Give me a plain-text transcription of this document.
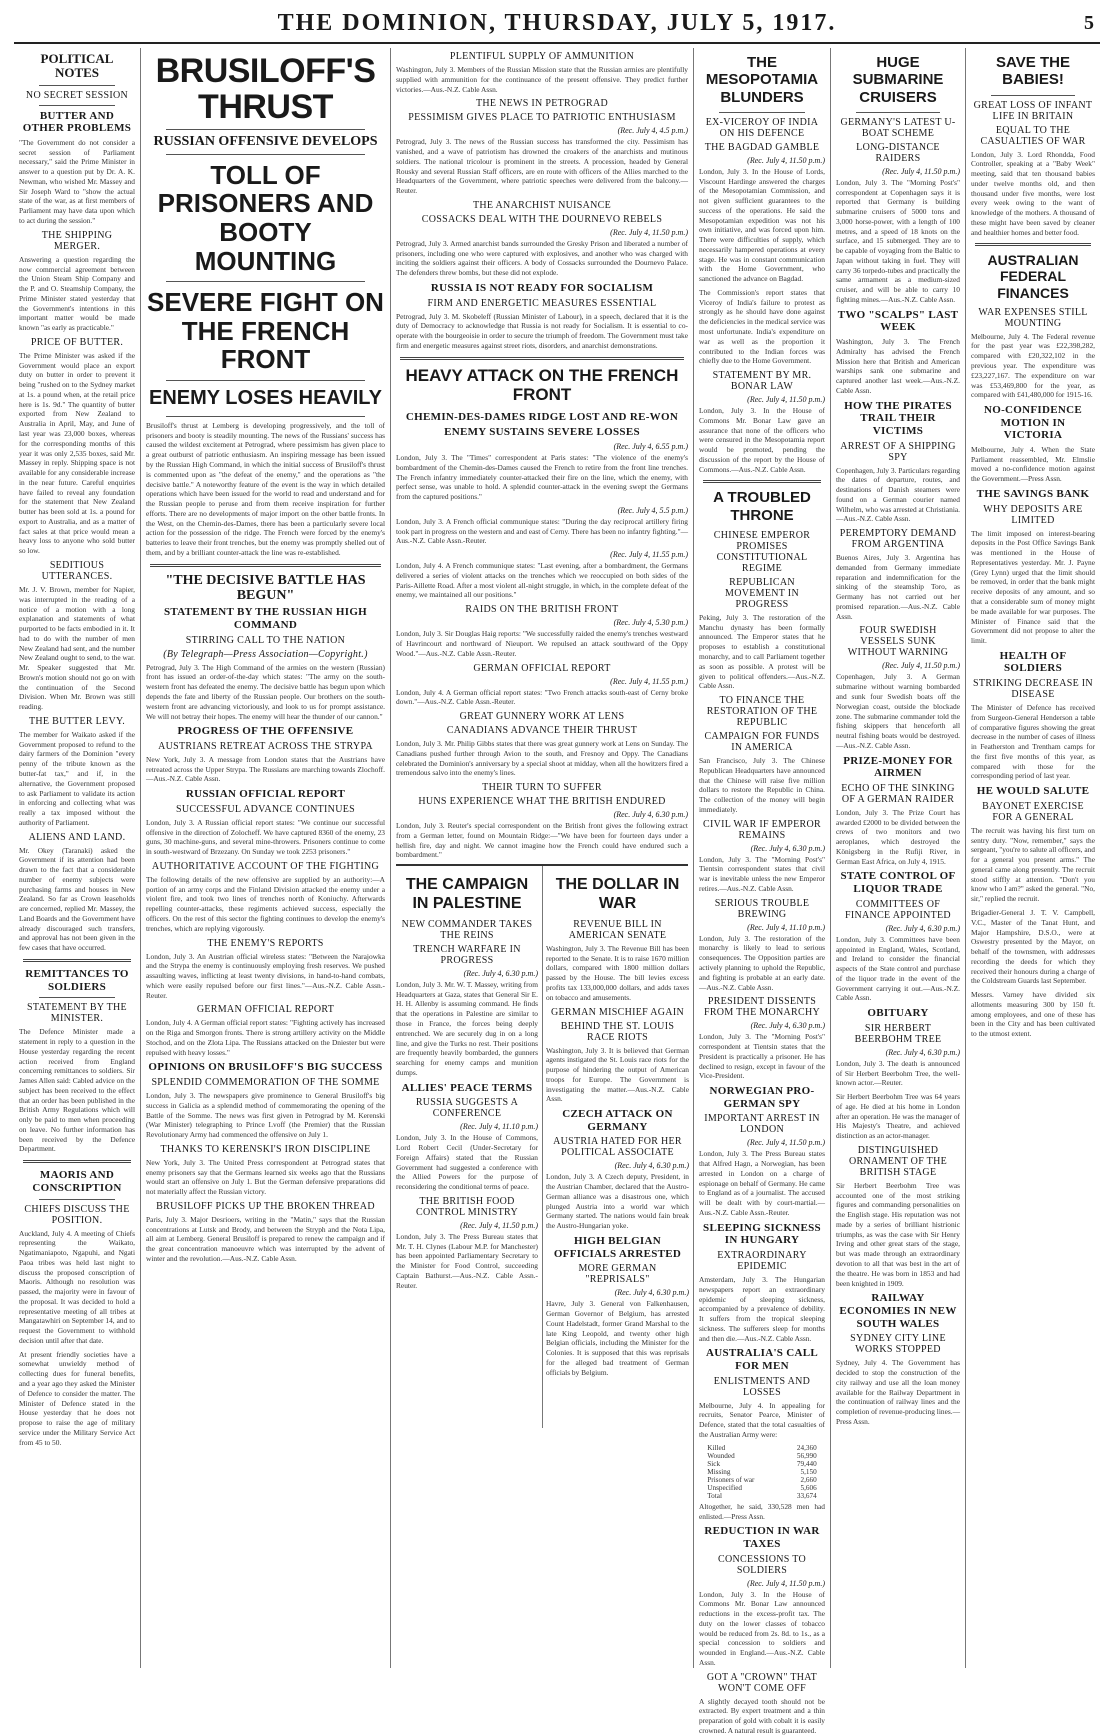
THE DOMINION, THURSDAY, JULY 5, 1917.	5
POLITICAL NOTES
NO SECRET SESSION
BUTTER AND OTHER PROBLEMS

"The Government do not consider a secret session of Parliament necessary," said the Prime Minister in answer to a question put by Dr. A. K. Newman, who wished Mr. Massey and Sir Joseph Ward to "show the actual state of the war, as at first members of Parliament may have data upon which to act during the session."

THE SHIPPING MERGER.

Answering a question regarding the now commercial agreement between the Union Steam Ship Company and the P. and O. Steamship Company, the Prime Minister stated yesterday that the Government's intentions in this important matter would be made known "as early as practicable."

PRICE OF BUTTER.

The Prime Minister was asked if the Government would place an export duty on butter in order to prevent it being "rushed on to the Sydney market at 1s. a pound when, at the retail price here is 1s. 9d." The quantity of butter exported from New Zealand to Australia in April, May, and June of last year was 23,000 boxes, whereas for the corresponding months of this year it was only 2,535 boxes, said Mr. Massey in reply. Shipping space is not available for any considerable increase in the near future. Careful enquiries have failed to reveal any foundation for the statement that New Zealand butter has been sold at 1s. a pound for export to Australia, and as a matter of fact sales at that price would mean a heavy loss to anyone who sold butter so low.

SEDITIOUS UTTERANCES.

Mr. J. V. Brown, member for Napier, was interrupted in the reading of a notice of a motion with a long explanation and statements of what purported to be facts embodied in it. It had to do with the number of men New Zealand had sent, and the number New Zealand ought to send, to the war. Mr. Speaker suggested that Mr. Brown's motion should not go on with the continuation of the Second Division. When Mr. Brown was still reading.

THE BUTTER LEVY.

The member for Waikato asked if the Government proposed to refund to the dairy farmers of the Dominion "every penny of the tribute known as the butter-fat tax," and if, in the alternative, the Government proposed to ask Parliament to validate its action in enforcing and collecting what was really a tax imposed without the authority of Parliament.

ALIENS AND LAND.

Mr. Okey (Taranaki) asked the Government if its attention had been drawn to the fact that a considerable number of enemy subjects were purchasing farms and houses in New Zealand. So far as Crown leaseholds are concerned, replied Mr. Massey, the Land Boards and the Government have already discouraged such transfers, and approval has not been given in the few cases that have occurred.

REMITTANCES TO SOLDIERS
STATEMENT BY THE MINISTER.

The Defence Minister made a statement in reply to a question in the House yesterday regarding the recent action received from England concerning remittances to soldiers. Sir James Allen said: Cabled advice on the subject has been received to the effect that an order has been published in the British Army Regulations which will only be paid to men when proceeding on leave. No further information has been received by the Defence Department.

MAORIS AND CONSCRIPTION
CHIEFS DISCUSS THE POSITION.

Auckland, July 4. A meeting of Chiefs representing the Waikato, Ngatimaniapoto, Ngapuhi, and Ngati Paoa tribes was held last night to discuss the proposed conscription of Maoris. Although no resolution was passed, the majority were in favour of the proposal. It was decided to hold a representative meeting of all tribes at Mangatawhiri on September 14, and to request the Government to withhold decision until after that date.

At present friendly societies have a somewhat unwieldy method of collecting dues for funeral benefits, and a year ago they asked the Minister of Defence to consider the matter. The Minister of Defence stated in the House yesterday that he does not propose to raise the age of military service under the Military Service Act from 45 to 50.

BRUSILOFF'S THRUST
RUSSIAN OFFENSIVE DEVELOPS
TOLL OF PRISONERS AND BOOTY MOUNTING
SEVERE FIGHT ON THE FRENCH FRONT
ENEMY LOSES HEAVILY

Brusiloff's thrust at Lemberg is developing progressively, and the toll of prisoners and booty is steadily mounting. The news of the Russians' success has caused the wildest excitement at Petrograd, where pessimism has given place to a great outburst of patriotic enthusiasm. An inspiring message has been issued by the Russian High Command, in which the initial success of Brusiloff's thrust is commented upon as "the defeat of the enemy," and the operations as "the decisive battle." A noteworthy feature of the event is the way in which detailed operations which have been issued for the world to read and understand and for the Russian people to peruse and from them receive inspiration for further efforts. There are no developments of major import on the other battle fronts. In the West, on the Chemin-des-Dames, there has been a particularly severe local action for the possession of the ridge. The French were forced by the enemy's batteries to leave their front trenches, but the enemy was promptly shelled out of them, and by a brilliant counter-attack the line was re-established.

"THE DECISIVE BATTLE HAS BEGUN"
STATEMENT BY THE RUSSIAN HIGH COMMAND
STIRRING CALL TO THE NATION
(By Telegraph—Press Association—Copyright.)

Petrograd, July 3. The High Command of the armies on the western (Russian) front has issued an order-of-the-day which states: "The army on the south-western front has defeated the enemy. The decisive battle has begun upon which depends the fate and liberty of the Russian people. Our brothers on the south-western front are advancing victoriously, and look to us for prompt assistance. We will not betray their hopes. The enemy will hear the thunder of our cannon."

PROGRESS OF THE OFFENSIVE
AUSTRIANS RETREAT ACROSS THE STRYPA

New York, July 3. A message from London states that the Austrians have retreated across the Upper Strypa. The Russians are marching towards Zlochoff.—Aus.-N.Z. Cable Assn.

RUSSIAN OFFICIAL REPORT
SUCCESSFUL ADVANCE CONTINUES

London, July 3. A Russian official report states: "We continue our successful offensive in the direction of Zolocheff. We have captured 8360 of the enemy, 23 guns, 30 machine-guns, and several mine-throwers. Prisoners continue to come in south-westward of Brzezany. On Sunday we took 2253 prisoners."

AUTHORITATIVE ACCOUNT OF THE FIGHTING

The following details of the new offensive are supplied by an authority:—A portion of an army corps and the Finland Division attacked the enemy under a violent fire, and took two lines of trenches north of Koniuchy. Afterwards repelling counter-attacks, these regiments achieved success, especially the officers. On the rest of this sector the fighting continues to develop the enemy's trenches, which are replying vigorously.

THE ENEMY'S REPORTS

London, July 3. An Austrian official wireless states: "Between the Narajowka and the Strypa the enemy is continuously employing fresh reserves. We pushed assaulting waves, inflicting at least twenty divisions, in hand-to-hand combats, which were easily repulsed before our first lines."—Aus.-N.Z. Cable Assn.-Reuter.

GERMAN OFFICIAL REPORT

London, July 4. A German official report states: "Fighting actively has increased on the Riga and Smorgon fronts. There is strong artillery activity on the Middle Stochod, and on the Zlota Lipa. The Russians attacked on the Dniester but were repulsed with heavy losses."

OPINIONS ON BRUSILOFF'S BIG SUCCESS
SPLENDID COMMEMORATION OF THE SOMME

London, July 3. The newspapers give prominence to General Brusiloff's big success in Galicia as a splendid method of commemorating the opening of the Battle of the Somme. The news was first given in Petrograd by M. Kerenski (War Minister) telegraphing to Prince Lvoff (the Premier) that the Russian Revolutionary Army had commenced the offensive on July 1.

THANKS TO KERENSKI'S IRON DISCIPLINE

New York, July 3. The United Press correspondent at Petrograd states that enemy prisoners say that the Germans learned six weeks ago that the Russians would start an offensive on July 1. But the German defensive preparations did not materially affect the Russian victory.

BRUSILOFF PICKS UP THE BROKEN THREAD

Paris, July 3. Major Desrioers, writing in the "Matin," says that the Russian concentrations at Lutsk and Brody, and between the Stryph and the Nota Lipa, all aim at Lemberg. General Brusiloff is prepared to renew the campaign and if the great concentration manoeuvre which was interrupted by the advent of winter and the revolution.—Aus.-N.Z. Cable Assn.

PLENTIFUL SUPPLY OF AMMUNITION

Washington, July 3. Members of the Russian Mission state that the Russian armies are plentifully supplied with ammunition for the continuance of the present offensive. They predict further victories.—Aus.-N.Z. Cable Assn.

THE NEWS IN PETROGRAD
PESSIMISM GIVES PLACE TO PATRIOTIC ENTHUSIASM
(Rec. July 4, 4.5 p.m.)

Petrograd, July 3. The news of the Russian success has transformed the city. Pessimism has vanished, and a wave of patriotism has drowned the croakers of the anarchists and mutinous soldiers. The national tricolour is prominent in the streets. A procession, headed by General Rousky and several Russian Staff officers, are en route with officers of the Allies marched to the Headquarters of the Government, where patriotic speeches were delivered from the balcony.—Reuter.

THE ANARCHIST NUISANCE
COSSACKS DEAL WITH THE DOURNEVO REBELS
(Rec. July 4, 11.50 p.m.)

Petrograd, July 3. Armed anarchist bands surrounded the Gresky Prison and liberated a number of prisoners, including one who were captured with explosives, and another who was charged with inciting the soldiers against their officers. A body of Cossacks surrounded the Dournevo Palace. The defenders threw bombs, but these did not explode.

RUSSIA IS NOT READY FOR SOCIALISM
FIRM AND ENERGETIC MEASURES ESSENTIAL

Petrograd, July 3. M. Skobeleff (Russian Minister of Labour), in a speech, declared that it is the duty of Democracy to acknowledge that Russia is not ready for Socialism. It is essential to co-operate with the bourgeoisie in order to secure the triumph of freedom. The Government must take firm and energetic measures against street riots, disorders, and anarchist demonstrations.

HEAVY ATTACK ON THE FRENCH FRONT
CHEMIN-DES-DAMES RIDGE LOST AND RE-WON
ENEMY SUSTAINS SEVERE LOSSES
(Rec. July 4, 6.55 p.m.)

London, July 3. The "Times" correspondent at Paris states: "The violence of the enemy's bombardment of the Chemin-des-Dames caused the French to retire from the front line trenches. The French infantry immediately counter-attacked their fire on the line, which the enemy, with perfect sense, was unable to hold. A splendid counter-attack in the evening swept the Germans from the captured positions."

(Rec. July 4, 5.5 p.m.)

London, July 3. A French official communique states: "During the day reciprocal artillery firing took part in progress on the western and and east of Cerny. There has been no infantry fighting."—Aus.-N.Z. Cable Assn.-Reuter.

(Rec. July 4, 11.55 p.m.)

London, July 4. A French communique states: "Last evening, after a bombardment, the Germans delivered a series of violent attacks on the trenches which we reoccupied on both sides of the Paris-Aillette Road. After a most violent all-night struggle, in which, in the complete defeat of the enemy, we maintained all our positions."

RAIDS ON THE BRITISH FRONT
(Rec. July 4, 5.30 p.m.)

London, July 3. Sir Douglas Haig reports: "We successfully raided the enemy's trenches westward of Havrincourt and northward of Nieuport. We repulsed an attack southward of the Oppy Wood."—Aus.-N.Z. Cable Assn.-Reuter.

GERMAN OFFICIAL REPORT
(Rec. July 4, 11.55 p.m.)

London, July 4. A German official report states: "Two French attacks south-east of Cerny broke down."—Aus.-N.Z. Cable Assn.-Reuter.

GREAT GUNNERY WORK AT LENS
CANADIANS ADVANCE THEIR THRUST

London, July 3. Mr. Philip Gibbs states that there was great gunnery work at Lens on Sunday. The Canadians pushed further through Avion to the south, and Fresnoy and Oppy. The Canadians celebrated the Dominion's anniversary by a special shoot at midday, when all the howitzers fired a tremendous salvo into the enemy's lines.

THEIR TURN TO SUFFER
HUNS EXPERIENCE WHAT THE BRITISH ENDURED
(Rec. July 4, 6.30 p.m.)

London, July 3. Reuter's special correspondent on the British front gives the following extract from a German letter, found on Mountain Ridge:—"We have been for fourteen days under a hellish fire, day and night. We cannot imagine how the French could have endured such a bombardment."

THE CAMPAIGN IN PALESTINE
NEW COMMANDER TAKES THE REINS
TRENCH WARFARE IN PROGRESS
(Rec. July 4, 6.30 p.m.)

London, July 3. Mr. W. T. Massey, writing from Headquarters at Gaza, states that General Sir E. H. H. Allenby is assuming command. He finds that the operations in Palestine are similar to those in France, the forces being deeply entrenched. We are securely dug in on a long line, and give the Turks no rest. Their positions are frequently heavily bombarded, the gunners searching for enemy camps and munition dumps.

ALLIES' PEACE TERMS
RUSSIA SUGGESTS A CONFERENCE
(Rec. July 4, 11.10 p.m.)

London, July 3. In the House of Commons, Lord Robert Cecil (Under-Secretary for Foreign Affairs) stated that the Russian Government had suggested a conference with the Allied Powers for the purpose of reconsidering the conditional terms of peace.

THE BRITISH FOOD CONTROL MINISTRY
(Rec. July 4, 11.50 p.m.)

London, July 3. The Press Bureau states that Mr. T. H. Clynes (Labour M.P. for Manchester) has been appointed Parliamentary Secretary to the Minister for Food Control, succeeding Captain Bathurst.—Aus.-N.Z. Cable Assn.-Reuter.

THE DOLLAR IN WAR
REVENUE BILL IN AMERICAN SENATE

Washington, July 3. The Revenue Bill has been reported to the Senate. It is to raise 1670 million dollars, compared with 1800 million dollars passed by the House. The bill levies excess profits tax 133,000,000 dollars, and adds taxes on tobacco and amusements.

GERMAN MISCHIEF AGAIN
BEHIND THE ST. LOUIS RACE RIOTS

Washington, July 3. It is believed that German agents instigated the St. Louis race riots for the purpose of hindering the output of American troops for Europe. The Government is investigating the matter.—Aus.-N.Z. Cable Assn.

CZECH ATTACK ON GERMANY
AUSTRIA HATED FOR HER POLITICAL ASSOCIATE
(Rec. July 4, 6.30 p.m.)

London, July 3. A Czech deputy, President, in the Austrian Chamber, declared that the Austro-German alliance was a disastrous one, which plunged Austria into a world war which Germany started. The nations would fain break the Austro-Hungarian yoke.

HIGH BELGIAN OFFICIALS ARRESTED
MORE GERMAN "REPRISALS"
(Rec. July 4, 6.30 p.m.)

Havre, July 3. General von Falkenhausen, German Governor of Belgium, has arrested Count Hadelstadt, former Grand Marshal to the late King Leopold, and twenty other high Belgian officials, including the Minister for the Colonies. It is supposed that this was reprisals for the alleged bad treatment of German officials by Belgium.

THE MESOPOTAMIA BLUNDERS
EX-VICEROY OF INDIA ON HIS DEFENCE
THE BAGDAD GAMBLE
(Rec. July 4, 11.50 p.m.)

London, July 3. In the House of Lords, Viscount Hardinge answered the charges of the Mesopotamian Commission, and not given sufficient guarantees to the success of the operations. He said the Mesopotamian expedition was not his own initiative, and was forced upon him. There were difficulties of supply, which necessarily hampered operations at every stage. He was in constant communication with the Home Government, who sanctioned the advance on Bagdad.

The Commission's report states that Viceroy of India's failure to protest as strongly as he should have done against the deficiencies in the medical service was most unfortunate. India's expenditure on war as well as the proportion it contributed to the Indian forces was chiefly due to the Home Government.

STATEMENT BY MR. BONAR LAW
(Rec. July 4, 11.50 p.m.)

London, July 3. In the House of Commons Mr. Bonar Law gave an assurance that none of the officers who were censured in the Mesopotamia report would be promoted, pending the discussion of the report by the House of Commons.—Aus.-N.Z. Cable Assn.

A TROUBLED THRONE
CHINESE EMPEROR PROMISES CONSTITUTIONAL REGIME
REPUBLICAN MOVEMENT IN PROGRESS

Peking, July 3. The restoration of the Manchu dynasty has been formally announced. The Emperor states that he proposes to establish a constitutional monarchy, and to call Parliament together as soon as possible. A protest will be given to political offenders.—Aus.-N.Z. Cable Assn.

TO FINANCE THE RESTORATION OF THE REPUBLIC
CAMPAIGN FOR FUNDS IN AMERICA

San Francisco, July 3. The Chinese Republican Headquarters have announced that the Chinese will raise five million dollars to restore the Republic in China. The collection of the money will begin immediately.

CIVIL WAR IF EMPEROR REMAINS
(Rec. July 4, 6.30 p.m.)

London, July 3. The "Morning Post's" Tientsin correspondent states that civil war is inevitable unless the new Emperor retires.—Aus.-N.Z. Cable Assn.

SERIOUS TROUBLE BREWING
(Rec. July 4, 11.10 p.m.)

London, July 3. The restoration of the monarchy is likely to lead to serious consequences. The Opposition parties are actively planning to uphold the Republic, and fighting is probable at an early date.—Aus.-N.Z. Cable Assn.

PRESIDENT DISSENTS FROM THE MONARCHY
(Rec. July 4, 6.30 p.m.)

London, July 3. The "Morning Post's" correspondent at Tientsin states that the President is practically a prisoner. He has declined to resign, except in favour of the Vice-President.

NORWEGIAN PRO-GERMAN SPY
IMPORTANT ARREST IN LONDON
(Rec. July 4, 11.50 p.m.)

London, July 3. The Press Bureau states that Alfred Hagn, a Norwegian, has been arrested in London on a charge of espionage on behalf of Germany. He came to England as of a journalist. The accused will be dealt with by court-martial.—Aus.-N.Z. Cable Assn.-Reuter.

SLEEPING SICKNESS IN HUNGARY
EXTRAORDINARY EPIDEMIC

Amsterdam, July 3. The Hungarian newspapers report an extraordinary epidemic of sleeping sickness, accompanied by a prevalence of debility. It suffers from the tropical sleeping sickness. The sufferers sleep for months and then die.—Aus.-N.Z. Cable Assn.

AUSTRALIA'S CALL FOR MEN
ENLISTMENTS AND LOSSES

Melbourne, July 4. In appealing for recruits, Senator Pearce, Minister of Defence, stated that the total casualties of the Australian Army were:

Killed	24,360
Wounded	56,990
Sick	79,440
Missing	5,150
Prisoners of war	2,660
Unspecified	5,606
Total	33,674

Altogether, he said, 330,528 men had enlisted.—Press Assn.

REDUCTION IN WAR TAXES
CONCESSIONS TO SOLDIERS
(Rec. July 4, 11.50 p.m.)

London, July 3. In the House of Commons Mr. Bonar Law announced reductions in the excess-profit tax. The duty on the lower classes of tobacco would be reduced from 2s. 8d. to 1s., as a special concession to soldiers and wounded in England.—Aus.-N.Z. Cable Assn.

GOT A "CROWN" THAT WON'T COME OFF

A slightly decayed tooth should not be extracted. By expert treatment and a thin preparation of gold with cobalt it is easily crowned. A natural result is guaranteed.

HUGE SUBMARINE CRUISERS
GERMANY'S LATEST U-BOAT SCHEME
LONG-DISTANCE RAIDERS
(Rec. July 4, 11.50 p.m.)

London, July 3. The "Morning Post's" correspondent at Copenhagen says it is reported that Germany is building submarine cruisers of 5000 tons and 3,000 horse-power, with a length of 100 metres, and a speed of 18 knots on the surface, and 15 submerged. They are to be capable of voyaging from the Baltic to Japan without taking in fuel. They will carry 36 torpedo-tubes and practically the same armament as a medium-sized cruiser, and will be able to carry 10 fighting mines.—Aus.-N.Z. Cable Assn.

TWO "SCALPS" LAST WEEK

Washington, July 3. The French Admiralty has advised the French Mission here that British and American warships sank one submarine and captured another last week.—Aus.-N.Z. Cable Assn.

HOW THE PIRATES TRAIL THEIR VICTIMS
ARREST OF A SHIPPING SPY

Copenhagen, July 3. Particulars regarding the dates of departure, routes, and destinations of Danish steamers were found on a German courier named Wilhelm, who was arrested at Christiania.—Aus.-N.Z. Cable Assn.

PEREMPTORY DEMAND FROM ARGENTINA

Buenos Aires, July 3. Argentina has demanded from Germany immediate reparation and indemnification for the sinking of the steamship Toro, as Germany has not carried out her promised reparation.—Aus.-N.Z. Cable Assn.

FOUR SWEDISH VESSELS SUNK WITHOUT WARNING
(Rec. July 4, 11.50 p.m.)

Copenhagen, July 3. A German submarine without warning bombarded and sunk four Swedish boats off the Norwegian coast, outside the blockade zone. The submarine commander told the fishing skippers that henceforth all neutral fishing boats would be destroyed.—Aus.-N.Z. Cable Assn.

PRIZE-MONEY FOR AIRMEN
ECHO OF THE SINKING OF A GERMAN RAIDER

London, July 3. The Prize Court has awarded £2000 to be divided between the crews of two monitors and two aeroplanes, which destroyed the Königsberg in the Rufiji River, in German East Africa, on July 4, 1915.

STATE CONTROL OF LIQUOR TRADE
COMMITTEES OF FINANCE APPOINTED
(Rec. July 4, 6.30 p.m.)

London, July 3. Committees have been appointed in England, Wales, Scotland, and Ireland to consider the financial aspects of the State control and purchase of the liquor trade in the event of the Government carrying it out.—Aus.-N.Z. Cable Assn.

OBITUARY
SIR HERBERT BEERBOHM TREE
(Rec. July 4, 6.30 p.m.)

London, July 3. The death is announced of Sir Herbert Beerbohm Tree, the well-known actor.—Reuter.

Sir Herbert Beerbohm Tree was 64 years of age. He died at his home in London after an operation. He was the manager of His Majesty's Theatre, and achieved distinction as an actor-manager.

DISTINGUISHED ORNAMENT OF THE BRITISH STAGE

Sir Herbert Beerbohm Tree was accounted one of the most striking figures and commanding personalities on the English stage. His reputation was not made by a series of brilliant histrionic triumphs, as was the case with Sir Henry Irving and other great stars of the stage, but was made through an extraordinary devotion to all that was best in the art of the theatre. He was born in 1853 and had been knighted in 1909.

RAILWAY ECONOMIES IN NEW SOUTH WALES
SYDNEY CITY LINE WORKS STOPPED

Sydney, July 4. The Government has decided to stop the construction of the city railway and use all the loan money available for the Railway Department in the continuation of railway lines and the completion of revenue-producing lines.—Press Assn.

SAVE THE BABIES!
GREAT LOSS OF INFANT LIFE IN BRITAIN
EQUAL TO THE CASUALTIES OF WAR

London, July 3. Lord Rhondda, Food Controller, speaking at a "Baby Week" meeting, said that ten thousand babies under twelve months old, and then thousand under five months, were lost every week owing to the want of knowledge of the mothers. A thousand of these might have been saved by cleaner and healthier homes and better food.

AUSTRALIAN FEDERAL FINANCES
WAR EXPENSES STILL MOUNTING

Melbourne, July 4. The Federal revenue for the past year was £22,398,282, compared with £20,322,102 in the previous year. The expenditure was £23,227,167. The expenditure on war was £53,469,800 for the year, as compared with £41,480,000 for 1915-16.

NO-CONFIDENCE MOTION IN VICTORIA

Melbourne, July 4. When the State Parliament reassembled, Mr. Elmslie moved a no-confidence motion against the Government.—Press Assn.

THE SAVINGS BANK
WHY DEPOSITS ARE LIMITED

The limit imposed on interest-bearing deposits in the Post Office Savings Bank was mentioned in the House of Representatives yesterday. Mr. J. Payne (Grey Lynn) urged that the limit should be removed, in order that the bank might receive deposits of any amount, and so that a considerable sum of money might be made available for war purposes. The Minister of Finance said that the Government did not propose to alter the limit.

HEALTH OF SOLDIERS
STRIKING DECREASE IN DISEASE

The Minister of Defence has received from Surgeon-General Henderson a table of comparative figures showing the great decrease in the number of cases of illness in Featherston and Trentham camps for the first five months of this year, as compared with those for the corresponding period of last year.

HE WOULD SALUTE
BAYONET EXERCISE FOR A GENERAL

The recruit was having his first turn on sentry duty. "Now, remember," says the sergeant, "you're to salute all officers, and for a general you present arms." The general came along presently. The recruit stood stiffly at attention. "Don't you know who I am?" asked the general. "No, sir," replied the recruit.

Brigadier-General J. T. V. Campbell, V.C., Master of the Tanat Hunt, and Major Hampshire, D.S.O., were at Oswestry presented by the Mayor, on behalf of the townsmen, with addresses recording the deeds for which they received their honours during a charge of the Coldstream Guards last September.

Messrs. Varney have divided six allotments measuring 300 by 150 ft. among employees, and one of these has been in the City and has been cultivated to the utmost extent.
